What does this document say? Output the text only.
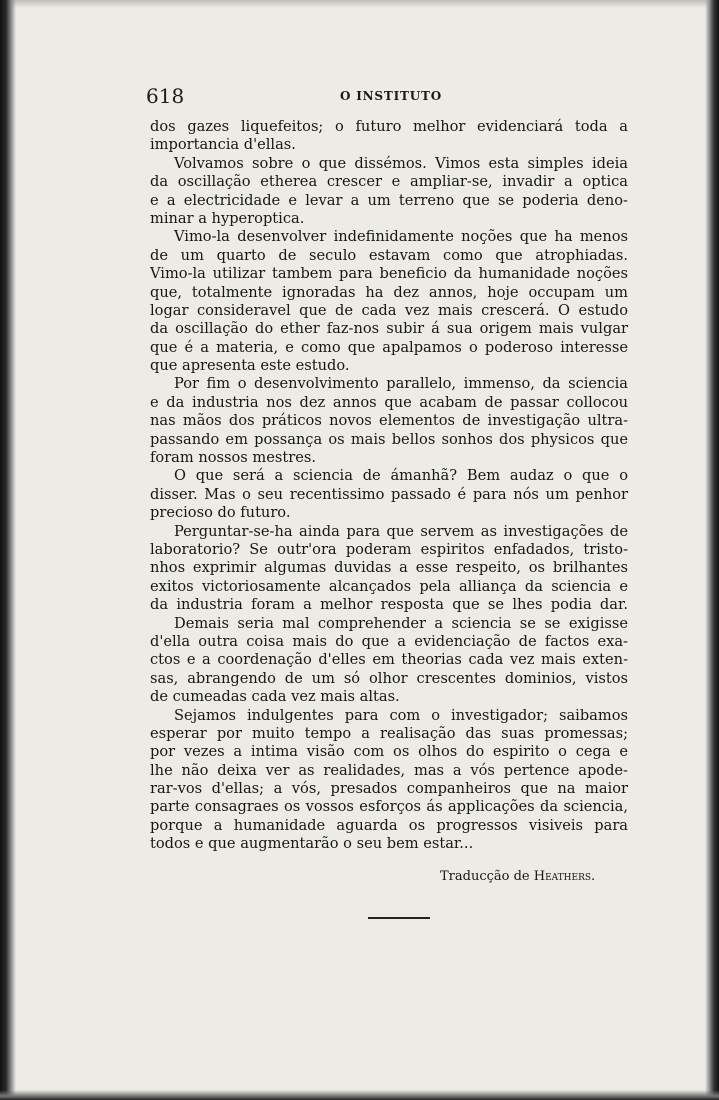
618	O INSTITUTO
dos gazes liquefeitos; o futuro melhor evidenciará toda a
importancia d'ellas.
Volvamos sobre o que dissémos. Vimos esta simples ideia
da oscillação etherea crescer e ampliar-se, invadir a optica
e a electricidade e levar a um terreno que se poderia deno-
minar a hyperoptica.
Vimo-la desenvolver indefinidamente noções que ha menos
de um quarto de seculo estavam como que atrophiadas.
Vimo-la utilizar tambem para beneficio da humanidade noções
que, totalmente ignoradas ha dez annos, hoje occupam um
logar consideravel que de cada vez mais crescerá. O estudo
da oscillação do ether faz-nos subir á sua origem mais vulgar
que é a materia, e como que apalpamos o poderoso interesse
que apresenta este estudo.
Por fim o desenvolvimento parallelo, immenso, da sciencia
e da industria nos dez annos que acabam de passar collocou
nas mãos dos práticos novos elementos de investigação ultra-
passando em possança os mais bellos sonhos dos physicos que
foram nossos mestres.
O que será a sciencia de ámanhã? Bem audaz o que o
disser. Mas o seu recentissimo passado é para nós um penhor
precioso do futuro.
Perguntar-se-ha ainda para que servem as investigações de
laboratorio? Se outr'ora poderam espiritos enfadados, tristo-
nhos exprimir algumas duvidas a esse respeito, os brilhantes
exitos victoriosamente alcançados pela alliança da sciencia e
da industria foram a melhor resposta que se lhes podia dar.
Demais seria mal comprehender a sciencia se se exigisse
d'ella outra coisa mais do que a evidenciação de factos exa-
ctos e a coordenação d'elles em theorias cada vez mais exten-
sas, abrangendo de um só olhor crescentes dominios, vistos
de cumeadas cada vez mais altas.
Sejamos indulgentes para com o investigador; saibamos
esperar por muito tempo a realisação das suas promessas;
por vezes a intima visão com os olhos do espirito o cega e
lhe não deixa ver as realidades, mas a vós pertence apode-
rar-vos d'ellas; a vós, presados companheiros que na maior
parte consagraes os vossos esforços ás applicações da sciencia,
porque a humanidade aguarda os progressos visiveis para
todos e que augmentarão o seu bem estar...
Traducção de Heathers.
